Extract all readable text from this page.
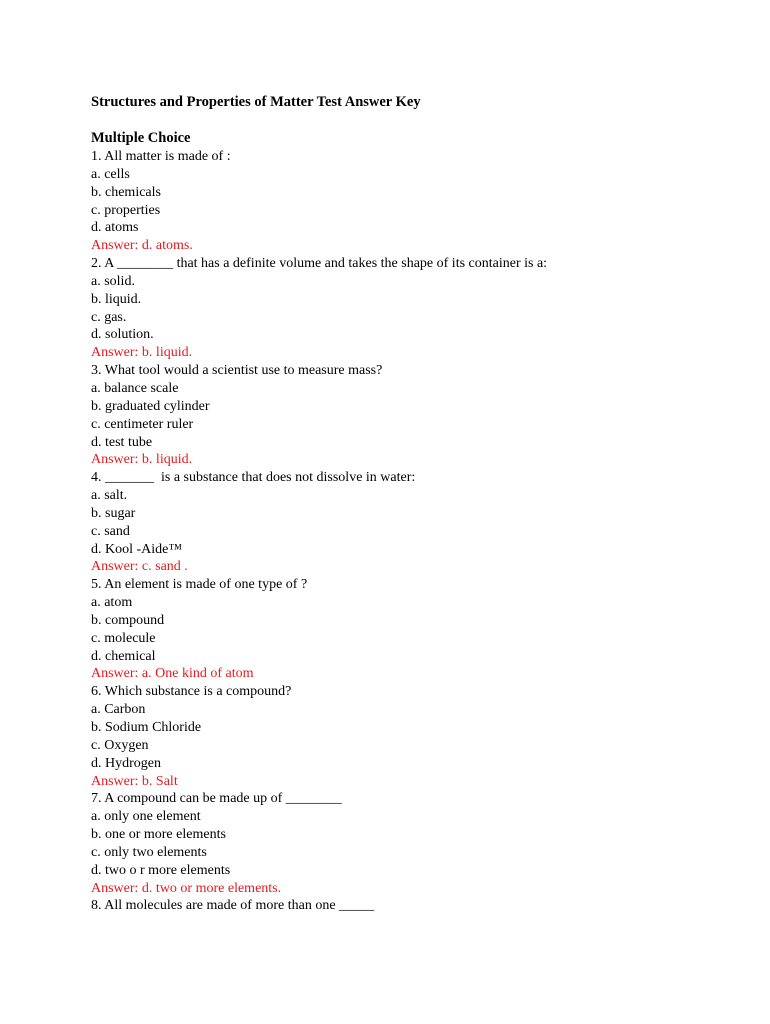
Structures and Properties of Matter Test Answer Key
Multiple Choice
1. All matter is made of :
a. cells
b. chemicals
c. properties
d. atoms
Answer: d. atoms.
2. A ________ that has a definite volume and takes the shape of its container is a:
a. solid.
b. liquid.
c. gas.
d. solution.
Answer: b. liquid.
3. What tool would a scientist use to measure mass?
a. balance scale
b. graduated cylinder
c. centimeter ruler
d. test tube
Answer: b. liquid.
4. _______  is a substance that does not dissolve in water:
a. salt.
b. sugar
c. sand
d. Kool -Aide™
Answer: c. sand .
5. An element is made of one type of ?
a. atom
b. compound
c. molecule
d. chemical
Answer: a. One kind of atom
6. Which substance is a compound?
a. Carbon
b. Sodium Chloride
c. Oxygen
d. Hydrogen
Answer: b. Salt
7. A compound can be made up of ________
a. only one element
b. one or more elements
c. only two elements
d. two o r more elements
Answer: d. two or more elements.
8. All molecules are made of more than one _____
